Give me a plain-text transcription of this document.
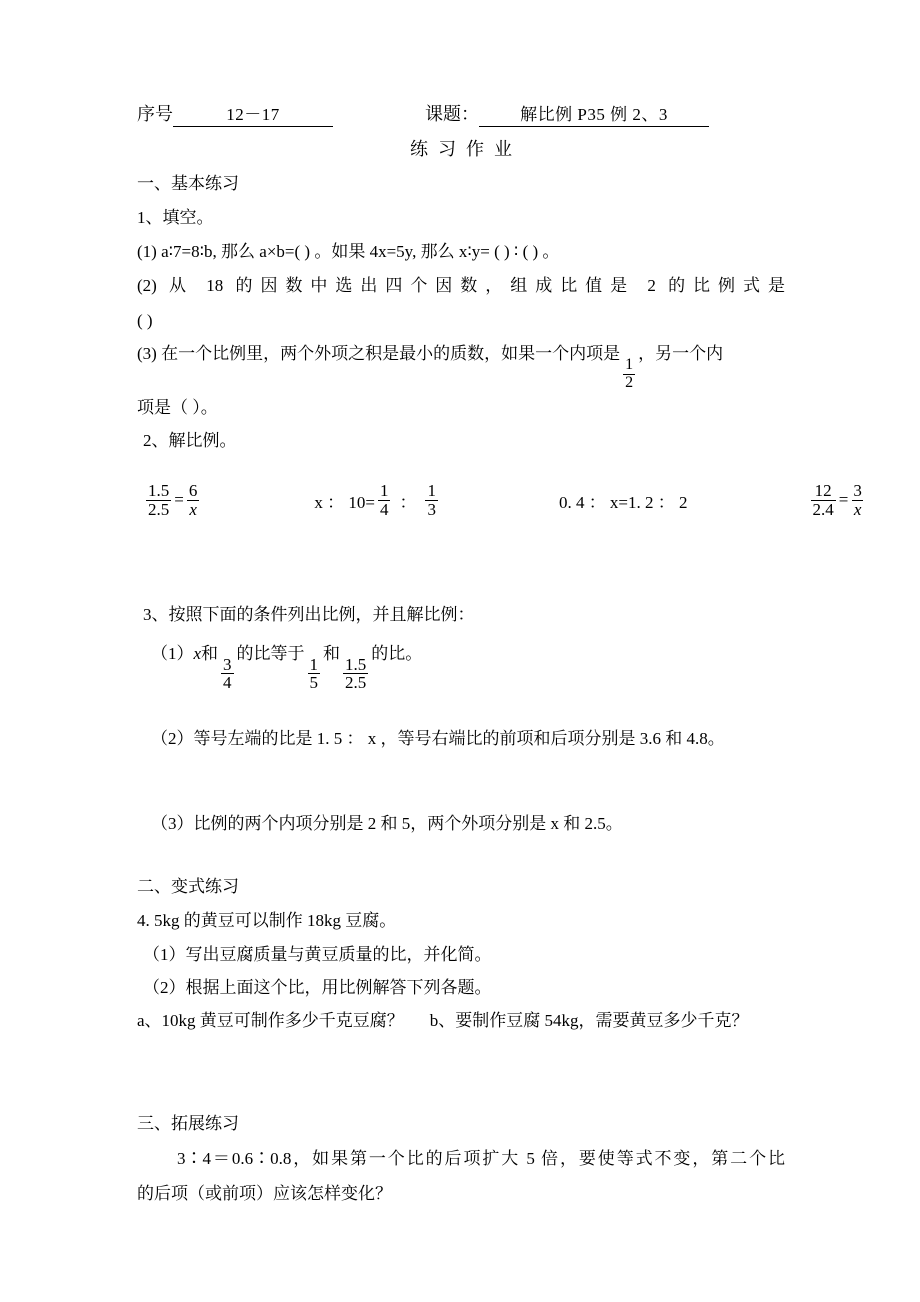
序号	12－17	课题：	解比例 P35 例 2、3
练习作业
一、基本练习
1、填空。
(1) a∶7=8∶b, 那么 a×b=( ) 。如果 4x=5y, 那么 x∶y= ( ) ∶ ( ) 。
(2) 从 18 的因数中选出四个因数，组成比值是 2 的比例式是
( )
(3) 在一个比例里，两个外项之积是最小的质数，如果一个内项是
$\frac{1}{2}$
，另一个内
项是（ ）。
2、解比例。
$\frac{1.5}{2.5} = \frac{6}{x}$	x ： $10= \frac{1}{4}$ ： $\frac{1}{3}$	0. 4 ： x=1. 2 ： 2	$\frac{12}{2.4} = \frac{3}{x}$
3、按照下面的条件列出比例，并且解比例：
（1）x和
$\frac{3}{4}$
的比等于
$\frac{1}{5}$
和
$\frac{1.5}{2.5}$
的比。
（2）等号左端的比是 1. 5 ： x ，等号右端比的前项和后项分别是 3.6 和 4.8。
（3）比例的两个内项分别是 2 和 5，两个外项分别是 x 和 2.5。
二、变式练习
4. 5kg 的黄豆可以制作 18kg 豆腐。
（1）写出豆腐质量与黄豆质量的比，并化简。
（2）根据上面这个比，用比例解答下列各题。
a、10kg 黄豆可制作多少千克豆腐？ b、要制作豆腐 54kg，需要黄豆多少千克？
三、拓展练习
3∶4＝0.6∶0.8，如果第一个比的后项扩大 5 倍，要使等式不变，第二个比
的后项（或前项）应该怎样变化？
